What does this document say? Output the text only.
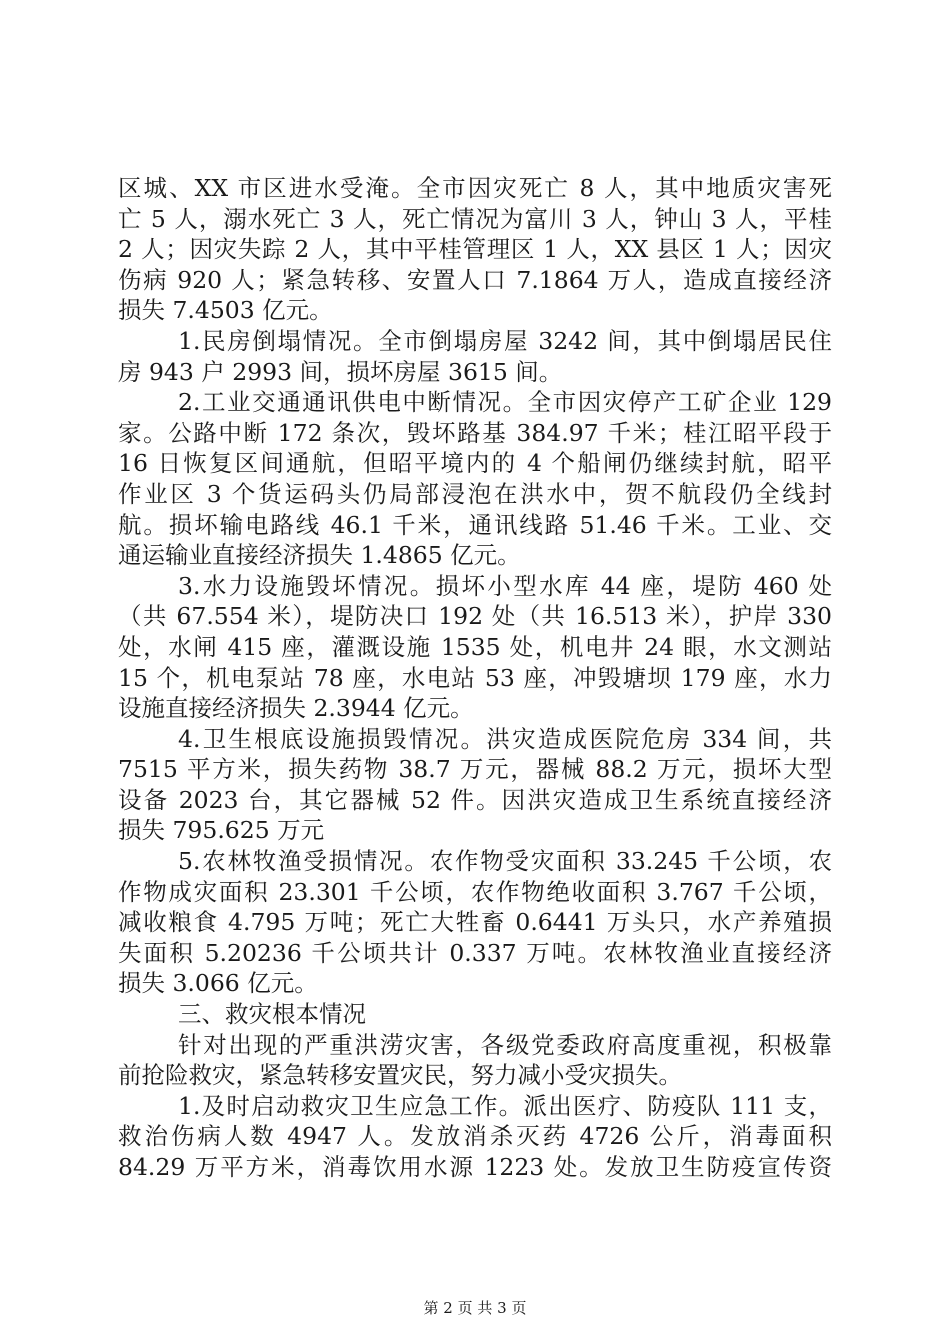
区城、XX 市区进水受淹。全市因灾死亡 8 人，其中地质灾害死
亡 5 人，溺水死亡 3 人，死亡情况为富川 3 人，钟山 3 人，平桂
2 人；因灾失踪 2 人，其中平桂管理区 1 人，XX 县区 1 人；因灾
伤病 920 人；紧急转移、安置人口 7.1864 万人，造成直接经济
损失 7.4503 亿元。
1.民房倒塌情况。全市倒塌房屋 3242 间，其中倒塌居民住
房 943 户 2993 间，损坏房屋 3615 间。
2.工业交通通讯供电中断情况。全市因灾停产工矿企业 129
家。公路中断 172 条次，毁坏路基 384.97 千米；桂江昭平段于
16 日恢复区间通航，但昭平境内的 4 个船闸仍继续封航，昭平
作业区 3 个货运码头仍局部浸泡在洪水中，贺不航段仍全线封
航。损坏输电路线 46.1 千米，通讯线路 51.46 千米。工业、交
通运输业直接经济损失 1.4865 亿元。
3.水力设施毁坏情况。损坏小型水库 44 座，堤防 460 处
（共 67.554 米），堤防决口 192 处（共 16.513 米），护岸 330
处，水闸 415 座，灌溉设施 1535 处，机电井 24 眼，水文测站
15 个，机电泵站 78 座，水电站 53 座，冲毁塘坝 179 座，水力
设施直接经济损失 2.3944 亿元。
4.卫生根底设施损毁情况。洪灾造成医院危房 334 间，共
7515 平方米，损失药物 38.7 万元，器械 88.2 万元，损坏大型
设备 2023 台，其它器械 52 件。因洪灾造成卫生系统直接经济
损失 795.625 万元
5.农林牧渔受损情况。农作物受灾面积 33.245 千公顷，农
作物成灾面积 23.301 千公顷，农作物绝收面积 3.767 千公顷，
减收粮食 4.795 万吨；死亡大牲畜 0.6441 万头只，水产养殖损
失面积 5.20236 千公顷共计 0.337 万吨。农林牧渔业直接经济
损失 3.066 亿元。
三、救灾根本情况
针对出现的严重洪涝灾害，各级党委政府高度重视，积极靠
前抢险救灾，紧急转移安置灾民，努力减小受灾损失。
1.及时启动救灾卫生应急工作。派出医疗、防疫队 111 支，
救治伤病人数 4947 人。发放消杀灭药 4726 公斤，消毒面积
84.29 万平方米，消毒饮用水源 1223 处。发放卫生防疫宣传资
第 2 页 共 3 页
